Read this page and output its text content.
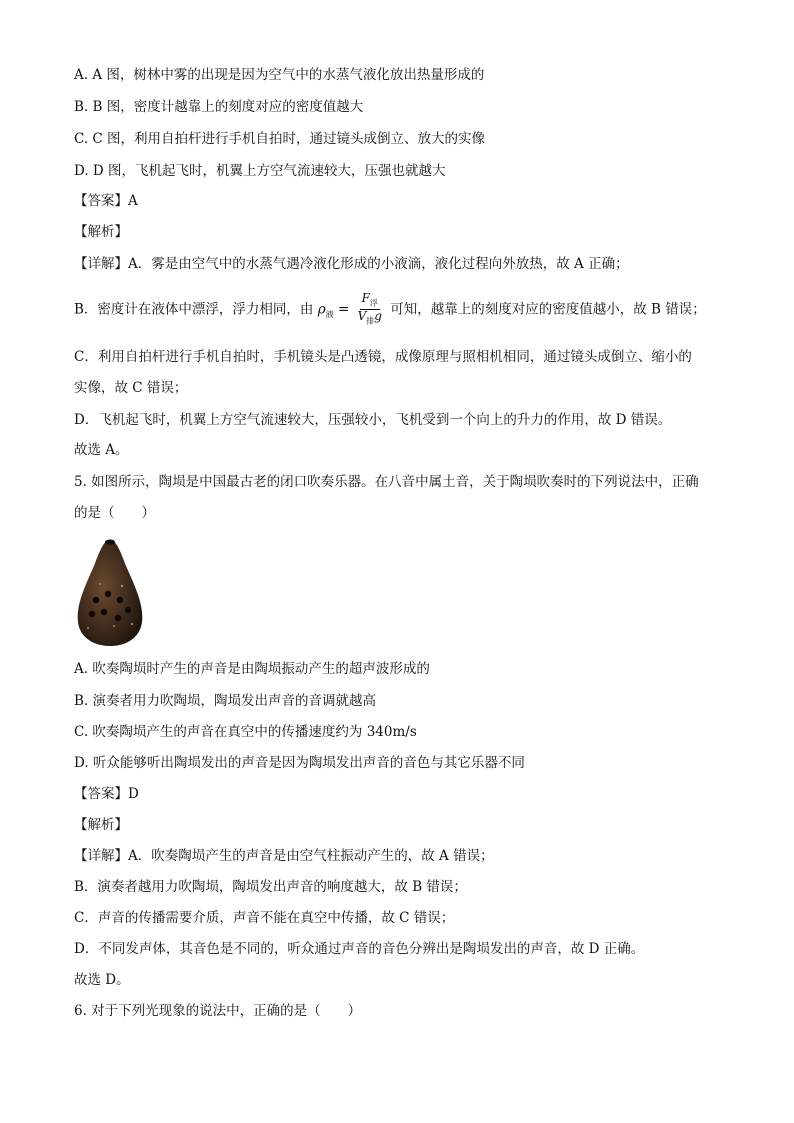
A. A 图，树林中雾的出现是因为空气中的水蒸气液化放出热量形成的
B. B 图，密度计越靠上的刻度对应的密度值越大
C. C 图，利用自拍杆进行手机自拍时，通过镜头成倒立、放大的实像
D. D 图，飞机起飞时，机翼上方空气流速较大，压强也就越大
【答案】A
【解析】
【详解】A．雾是由空气中的水蒸气遇冷液化形成的小液滴，液化过程向外放热，故 A 正确；
B．密度计在液体中漂浮，浮力相同，由 $\rho_液 = \frac{F_浮}{V_排g}$ 可知，越靠上的刻度对应的密度值越小，故 B 错误；
C．利用自拍杆进行手机自拍时，手机镜头是凸透镜，成像原理与照相机相同，通过镜头成倒立、缩小的
实像，故 C 错误；
D．飞机起飞时，机翼上方空气流速较大，压强较小，飞机受到一个向上的升力的作用，故 D 错误。
故选 A。
5. 如图所示，陶埙是中国最古老的闭口吹奏乐器。在八音中属土音，关于陶埙吹奏时的下列说法中，正确
的是（　　）
A. 吹奏陶埙时产生的声音是由陶埙振动产生的超声波形成的
B. 演奏者用力吹陶埙，陶埙发出声音的音调就越高
C. 吹奏陶埙产生的声音在真空中的传播速度约为 340m/s
D. 听众能够听出陶埙发出的声音是因为陶埙发出声音的音色与其它乐器不同
【答案】D
【解析】
【详解】A．吹奏陶埙产生的声音是由空气柱振动产生的，故 A 错误；
B．演奏者越用力吹陶埙，陶埙发出声音的响度越大，故 B 错误；
C．声音的传播需要介质，声音不能在真空中传播，故 C 错误；
D．不同发声体，其音色是不同的，听众通过声音的音色分辨出是陶埙发出的声音，故 D 正确。
故选 D。
6. 对于下列光现象的说法中，正确的是（　　）
